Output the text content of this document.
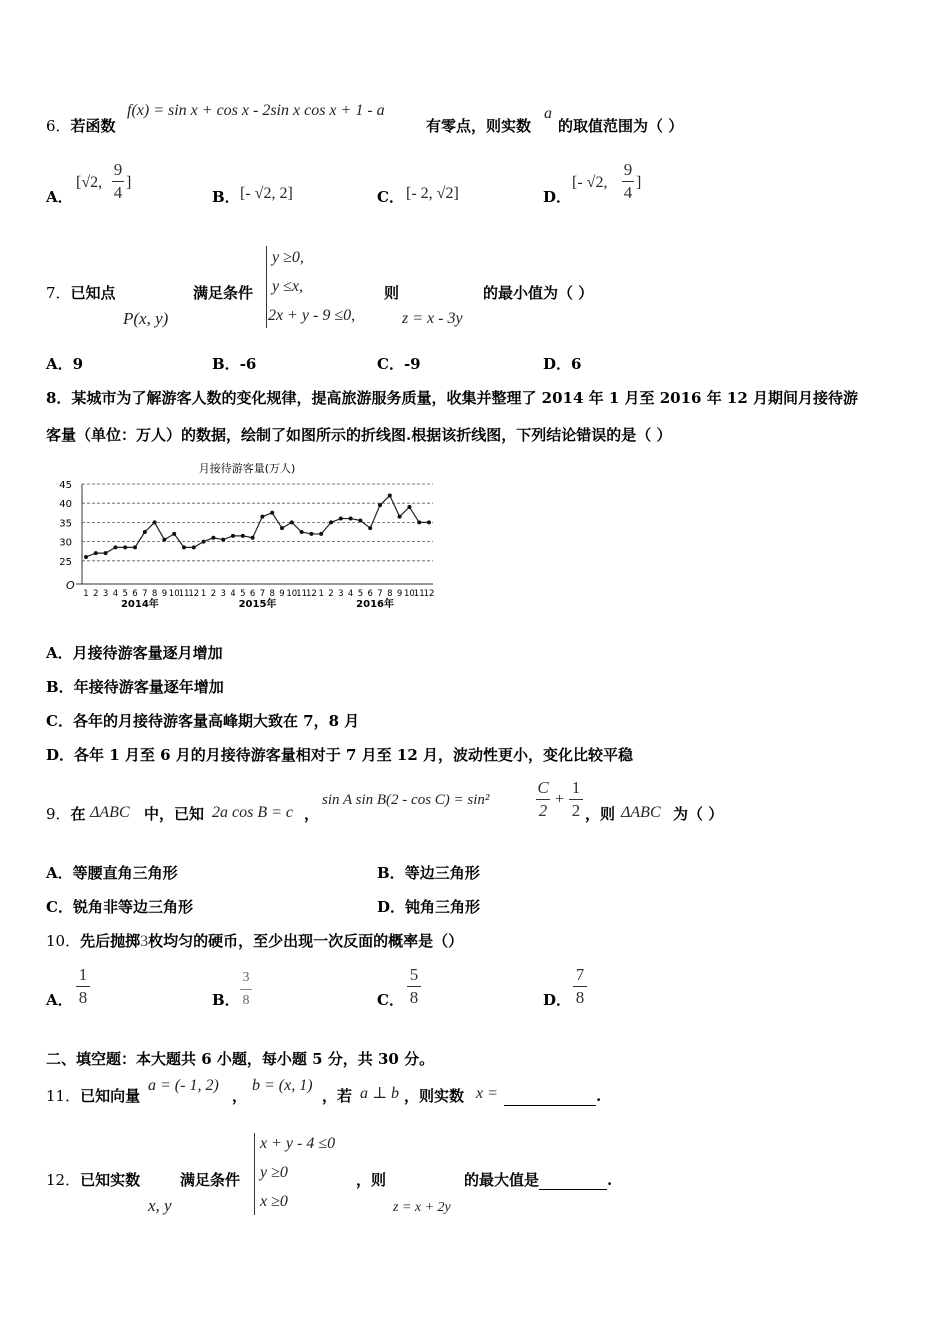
6．若函数
f(x) = sin x + cos x - 2sin x cos x + 1 - a
有零点，则实数
a
的取值范围为（ ）
A．
[√2,
9
4
]
B． [- √2, 2]	C． [- 2, √2]	D．
[- √2,
9
4
]
7．已知点
P(x, y)
满足条件
y ≥0,
y ≤x,
2x + y - 9 ≤0,
则
z = x - 3y
的最小值为（ ）
A．9	B．-6	C．-9	D．6
8．某城市为了解游客人数的变化规律，提高旅游服务质量，收集并整理了 2014 年 1 月至 2016 年 12 月期间月接待游
客量（单位：万人）的数据，绘制了如图所示的折线图.根据该折线图，下列结论错误的是（ ）
月接待游客量(万人)
25
30
35
40
45
1 2 3 4 5 6 7 8 9 10
11
12 1 2 3 4 5 6 7 8 9 10
11
12 1 2 3 4 5 6 7 8 9 10
11
12
2014年	2015年	2016年
O
A．月接待游客量逐月增加
B．年接待游客量逐年增加
C．各年的月接待游客量高峰期大致在 7，8 月
D．各年 1 月至 6 月的月接待游客量相对于 7 月至 12 月，波动性更小，变化比较平稳
9．在 ΔABC 中，已知 2a cos B = c ，
sin A sin B(2 - cos C) = sin²
C
2
+
1
2 ，则 ΔABC 为（ ）
A．等腰直角三角形	B．等边三角形
C．锐角非等边三角形	D．钝角三角形
10．先后抛掷3枚均匀的硬币，至少出现一次反面的概率是（）
A．
1
8	B．
3
8	C．
5
8	D．
7
8
二、填空题：本大题共 6 小题，每小题 5 分，共 30 分。
11．已知向量
a = (- 1, 2)
，
b = (x, 1)
，若 a ⊥ b ，则实数 x =	.
12．已知实数
x, y
满足条件
x + y - 4 ≤0
y ≥0
x ≥0
，则
z = x + 2y
的最大值是	.
